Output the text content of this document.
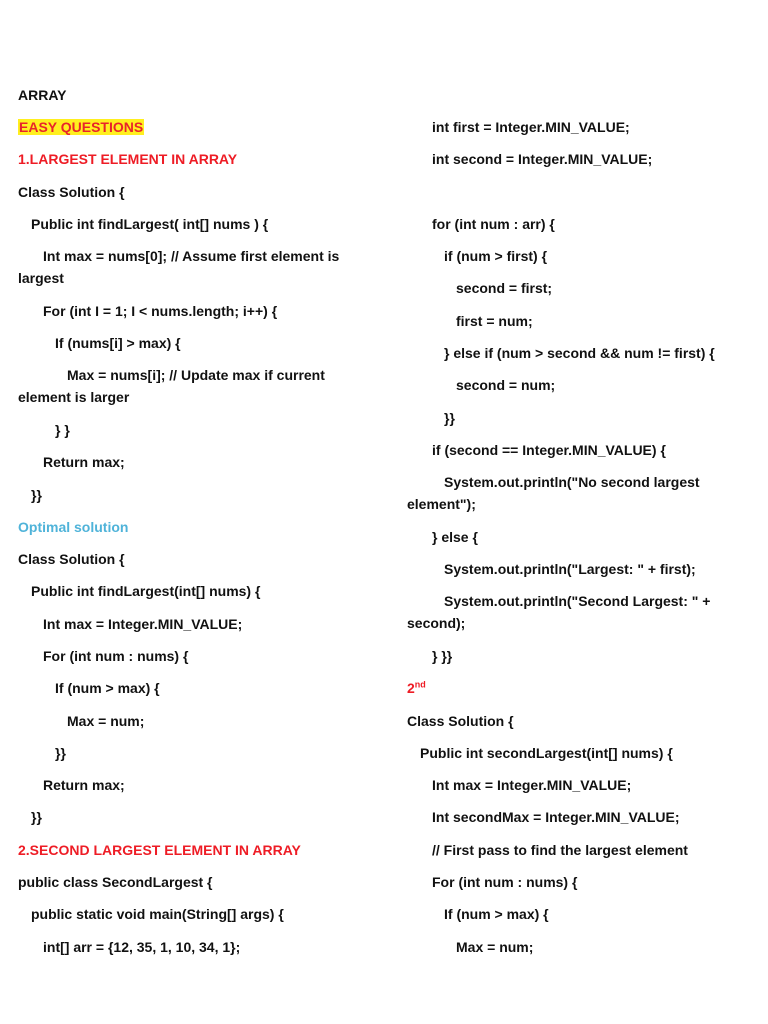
ARRAY
EASY QUESTIONS
1.LARGEST ELEMENT IN ARRAY
Class Solution {
Public int findLargest( int[] nums ) {
Int max = nums[0]; // Assume first element is largest
For (int I = 1; I < nums.length; i++) {
If (nums[i] > max) {
Max = nums[i]; // Update max if current element is larger
} }
Return max;
}}
Optimal solution
Class Solution {
Public int findLargest(int[] nums) {
Int max = Integer.MIN_VALUE;
For (int num : nums) {
If (num > max) {
Max = num;
}}
Return max;
}}
2.SECOND LARGEST ELEMENT IN ARRAY
public class SecondLargest {
public static void main(String[] args) {
int[] arr = {12, 35, 1, 10, 34, 1};
int first = Integer.MIN_VALUE;
int second = Integer.MIN_VALUE;
for (int num : arr) {
if (num > first) {
second = first;
first = num;
} else if (num > second && num != first) {
second = num;
}}
if (second == Integer.MIN_VALUE) {
System.out.println("No second largest element");
} else {
System.out.println("Largest: " + first);
System.out.println("Second Largest: " + second);
} }}
2nd
Class Solution {
Public int secondLargest(int[] nums) {
Int max = Integer.MIN_VALUE;
Int secondMax = Integer.MIN_VALUE;
// First pass to find the largest element
For (int num : nums) {
If (num > max) {
Max = num;
